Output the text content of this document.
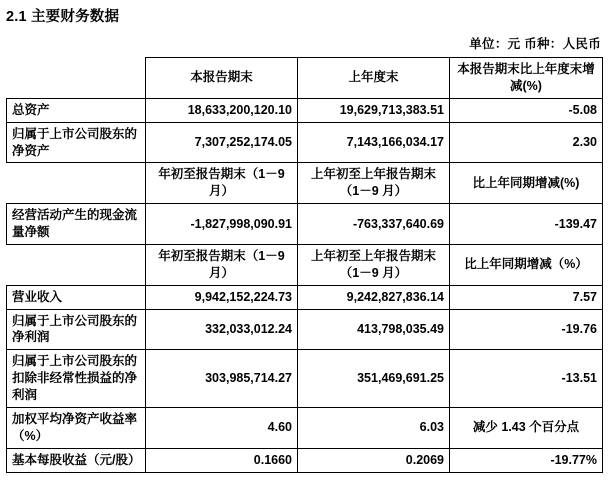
2.1 主要财务数据
单位：元 币种：人民币
	本报告期末	上年度末	本报告期末比上年度末增减(%)
总资产	18,633,200,120.10	19,629,713,383.51	-5.08
归属于上市公司股东的净资产	7,307,252,174.05	7,143,166,034.17	2.30
	年初至报告期末（1－9 月）	上年初至上年报告期末（1－9 月）	比上年同期增减(%)
经营活动产生的现金流量净额	-1,827,998,090.91	-763,337,640.69	-139.47
	年初至报告期末（1－9 月）	上年初至上年报告期末（1－9 月）	比上年同期增减（%）
营业收入	9,942,152,224.73	9,242,827,836.14	7.57
归属于上市公司股东的净利润	332,033,012.24	413,798,035.49	-19.76
归属于上市公司股东的扣除非经常性损益的净利润	303,985,714.27	351,469,691.25	-13.51
加权平均净资产收益率（%）	4.60	6.03	减少 1.43 个百分点
基本每股收益（元/股）	0.1660	0.2069	-19.77%
